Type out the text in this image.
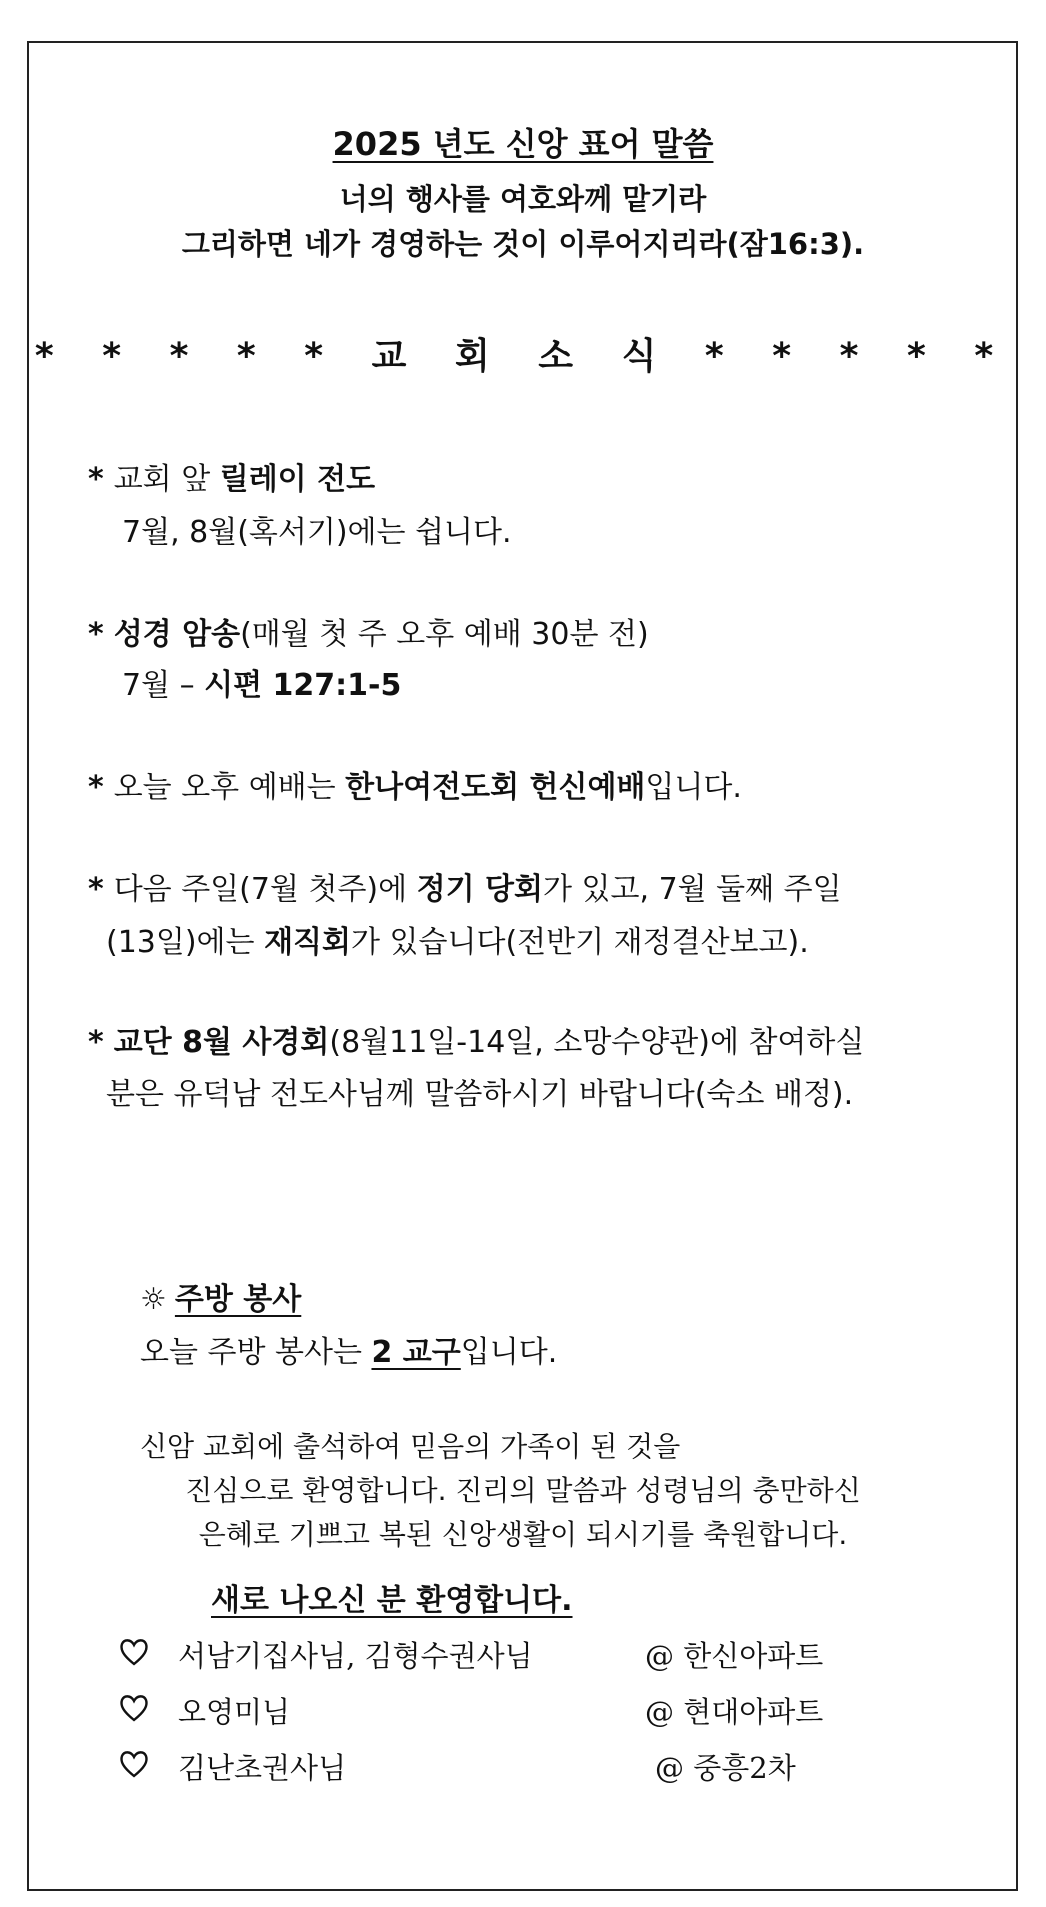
2025 년도 신앙 표어 말씀
너의 행사를 여호와께 맡기라
그리하면 네가 경영하는 것이 이루어지리라(잠16:3).
* * * * * 교 회 소 식 * * * * *
* 교회 앞 릴레이 전도
7월, 8월(혹서기)에는 쉽니다.
* 성경 암송(매월 첫 주 오후 예배 30분 전)
7월 – 시편 127:1-5
* 오늘 오후 예배는 한나여전도회 헌신예배입니다.
* 다음 주일(7월 첫주)에 정기 당회가 있고, 7월 둘째 주일
(13일)에는 재직회가 있습니다(전반기 재정결산보고).
* 교단 8월 사경회(8월11일-14일, 소망수양관)에 참여하실
분은 유덕남 전도사님께 말씀하시기 바랍니다(숙소 배정).
☼ 주방 봉사
오늘 주방 봉사는 2 교구입니다.
신암 교회에 출석하여 믿음의 가족이 된 것을
진심으로 환영합니다. 진리의 말씀과 성령님의 충만하신
은혜로 기쁘고 복된 신앙생활이 되시기를 축원합니다.
새로 나오신 분 환영합니다.
서남기집사님, 김형수권사님	@ 한신아파트
오영미님	@ 현대아파트
김난초권사님	@ 중흥2차
